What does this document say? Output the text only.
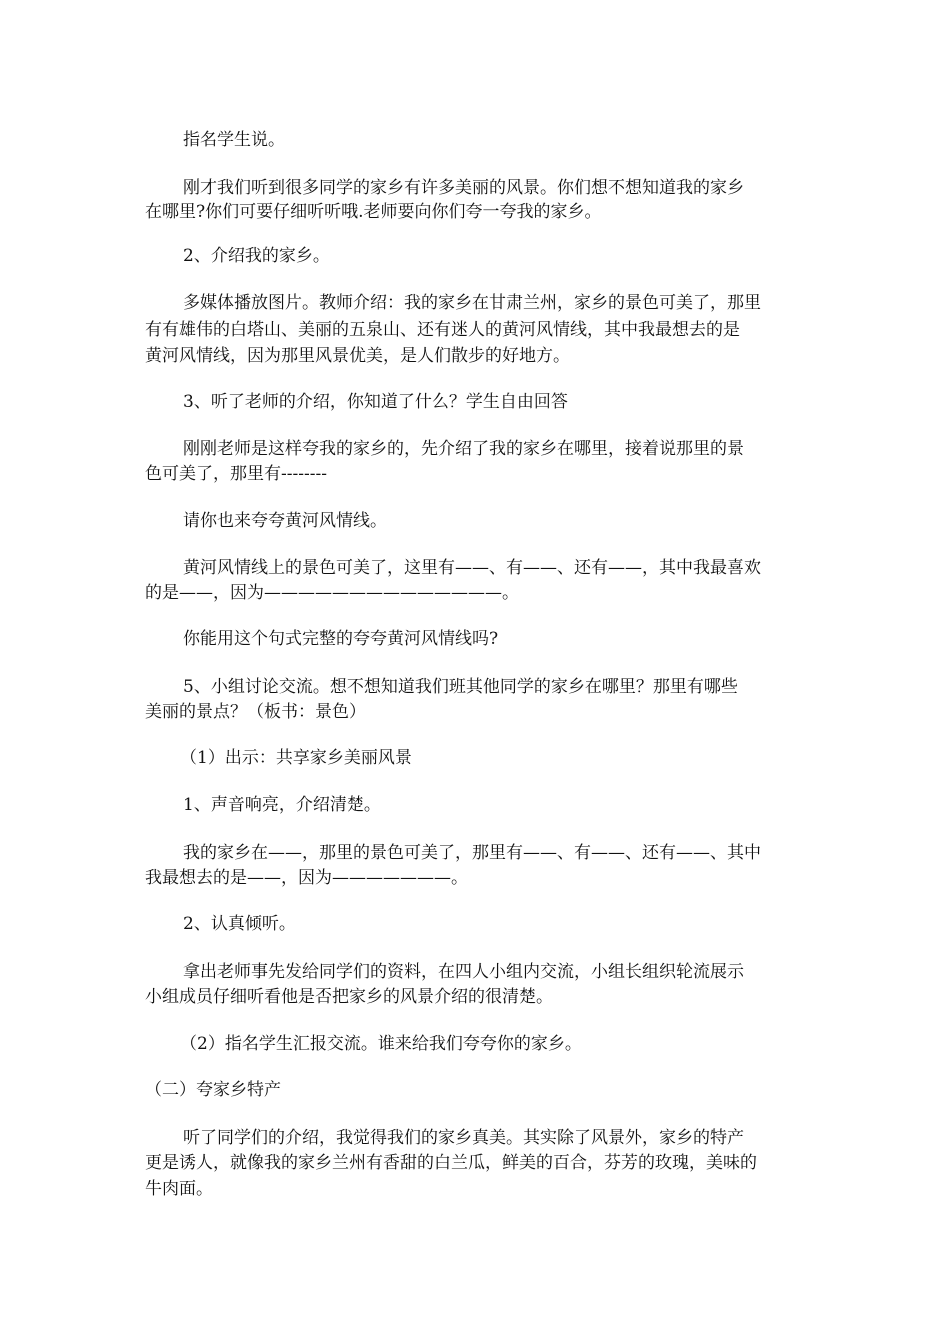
指名学生说。
刚才我们听到很多同学的家乡有许多美丽的风景。你们想不想知道我的家乡
在哪里?你们可要仔细听听哦.老师要向你们夸一夸我的家乡。
2、介绍我的家乡。
多媒体播放图片。教师介绍：我的家乡在甘肃兰州，家乡的景色可美了，那里
有有雄伟的白塔山、美丽的五泉山、还有迷人的黄河风情线，其中我最想去的是
黄河风情线，因为那里风景优美，是人们散步的好地方。
3、听了老师的介绍，你知道了什么？学生自由回答
刚刚老师是这样夸我的家乡的，先介绍了我的家乡在哪里，接着说那里的景
色可美了，那里有--------
请你也来夸夸黄河风情线。
黄河风情线上的景色可美了，这里有——、有——、还有——，其中我最喜欢
的是——，因为——————————————。
你能用这个句式完整的夸夸黄河风情线吗?
5、小组讨论交流。想不想知道我们班其他同学的家乡在哪里？那里有哪些
美丽的景点？（板书：景色）
（1）出示：共享家乡美丽风景
1、声音响亮，介绍清楚。
我的家乡在——，那里的景色可美了，那里有——、有——、还有——、其中
我最想去的是——，因为———————。
2、认真倾听。
拿出老师事先发给同学们的资料，在四人小组内交流，小组长组织轮流展示
小组成员仔细听看他是否把家乡的风景介绍的很清楚。
（2）指名学生汇报交流。谁来给我们夸夸你的家乡。
（二）夸家乡特产
听了同学们的介绍，我觉得我们的家乡真美。其实除了风景外，家乡的特产
更是诱人，就像我的家乡兰州有香甜的白兰瓜，鲜美的百合，芬芳的玫瑰，美味的
牛肉面。
